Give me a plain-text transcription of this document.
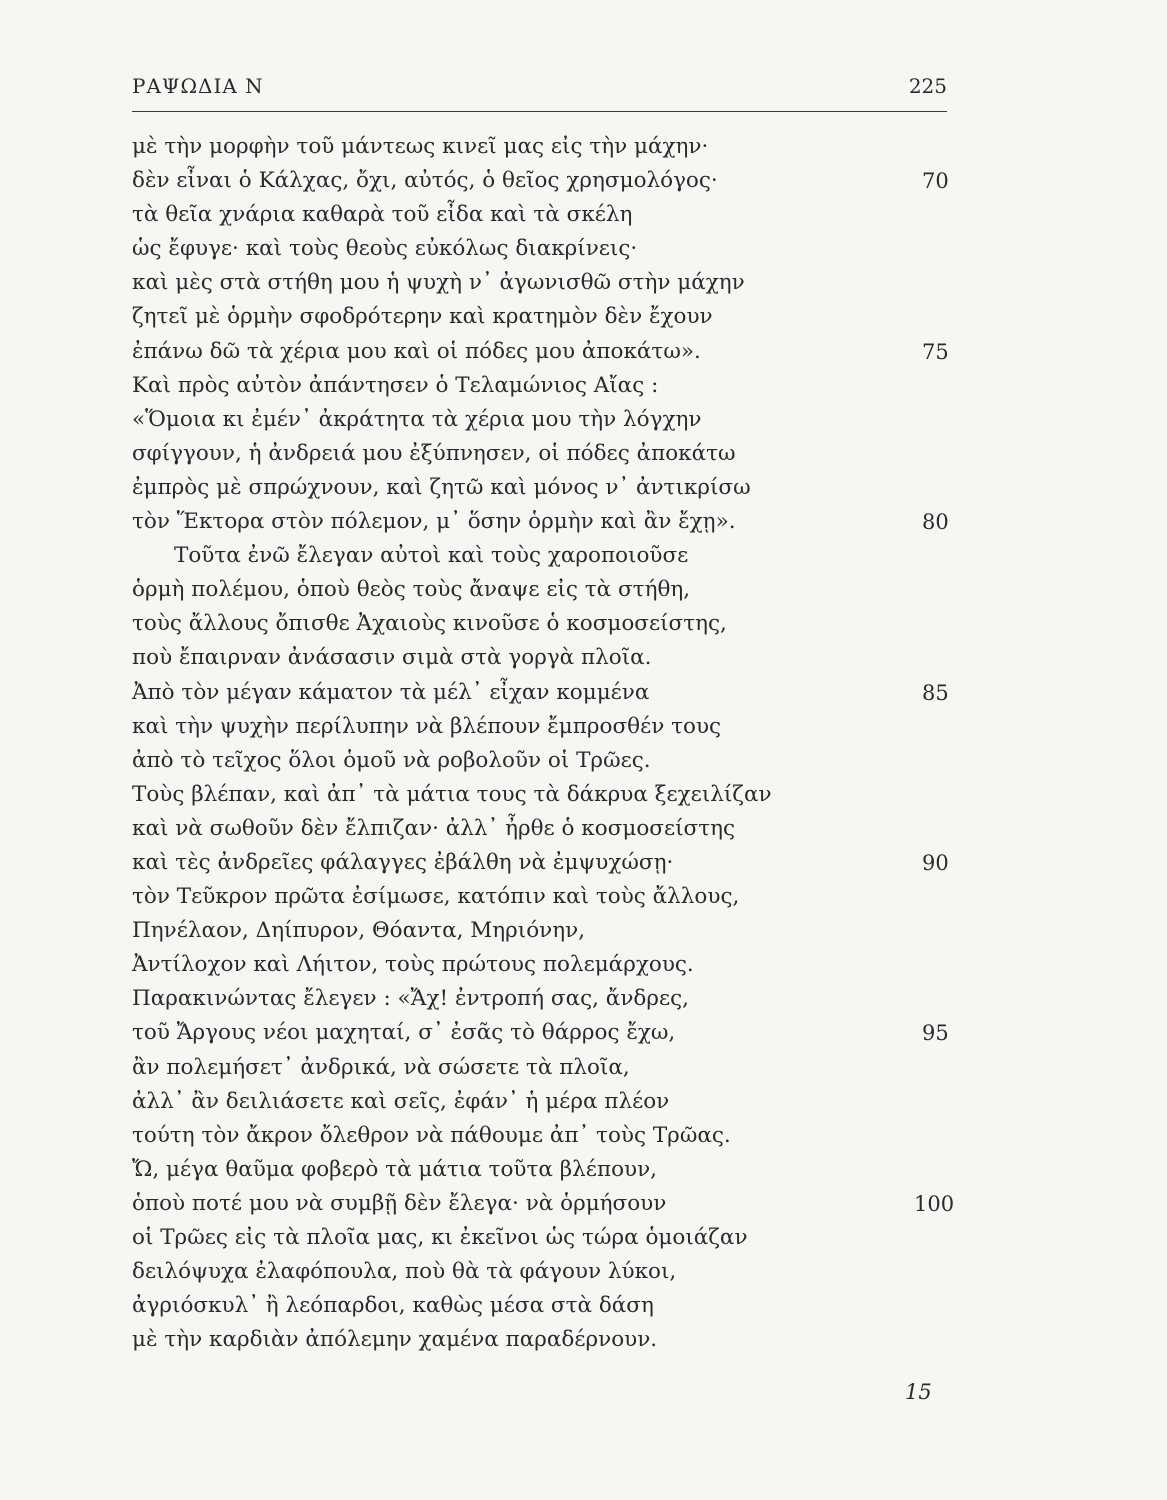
ΡΑΨΩΔΙΑ Ν	225
μὲ τὴν μορφὴν τοῦ μάντεως κινεῖ μας εἰς τὴν μάχην·
δὲν εἶναι ὁ Κάλχας, ὄχι, αὐτός, ὁ θεῖος χρησμολόγος·	70
τὰ θεῖα χνάρια καθαρὰ τοῦ εἶδα καὶ τὰ σκέλη
ὡς ἔφυγε· καὶ τοὺς θεοὺς εὐκόλως διακρίνεις·
καὶ μὲς στὰ στήθη μου ἡ ψυχὴ ν᾽ ἀγωνισθῶ στὴν μάχην
ζητεῖ μὲ ὁρμὴν σφοδρότερην καὶ κρατημὸν δὲν ἔχουν
ἐπάνω δῶ τὰ χέρια μου καὶ οἱ πόδες μου ἀποκάτω».	75
Καὶ πρὸς αὐτὸν ἀπάντησεν ὁ Τελαμώνιος Αἴας :
«Ὅμοια κι ἐμέν᾽ ἀκράτητα τὰ χέρια μου τὴν λόγχην
σφίγγουν, ἡ ἀνδρειά μου ἐξύπνησεν, οἱ πόδες ἀποκάτω
ἐμπρὸς μὲ σπρώχνουν, καὶ ζητῶ καὶ μόνος ν᾽ ἀντικρίσω
τὸν Ἕκτορα στὸν πόλεμον, μ᾽ ὅσην ὁρμὴν καὶ ἂν ἔχῃ».	80
Τοῦτα ἐνῶ ἔλεγαν αὐτοὶ καὶ τοὺς χαροποιοῦσε
ὁρμὴ πολέμου, ὁποὺ θεὸς τοὺς ἄναψε εἰς τὰ στήθη,
τοὺς ἄλλους ὄπισθε Ἀχαιοὺς κινοῦσε ὁ κοσμοσείστης,
ποὺ ἔπαιρναν ἀνάσασιν σιμὰ στὰ γοργὰ πλοῖα.
Ἀπὸ τὸν μέγαν κάματον τὰ μέλ᾽ εἶχαν κομμένα	85
καὶ τὴν ψυχὴν περίλυπην νὰ βλέπουν ἔμπροσθέν τους
ἀπὸ τὸ τεῖχος ὅλοι ὁμοῦ νὰ ροβολοῦν οἱ Τρῶες.
Τοὺς βλέπαν, καὶ ἀπ᾽ τὰ μάτια τους τὰ δάκρυα ξεχειλίζαν
καὶ νὰ σωθοῦν δὲν ἔλπιζαν· ἀλλ᾽ ἦρθε ὁ κοσμοσείστης
καὶ τὲς ἀνδρεῖες φάλαγγες ἐβάλθη νὰ ἐμψυχώσῃ·	90
τὸν Τεῦκρον πρῶτα ἐσίμωσε, κατόπιν καὶ τοὺς ἄλλους,
Πηνέλαον, Δηίπυρον, Θόαντα, Μηριόνην,
Ἀντίλοχον καὶ Λήιτον, τοὺς πρώτους πολεμάρχους.
Παρακινώντας ἔλεγεν : «Ἄχ! ἐντροπή σας, ἄνδρες,
τοῦ Ἄργους νέοι μαχηταί, σ᾽ ἐσᾶς τὸ θάρρος ἔχω,	95
ἂν πολεμήσετ᾽ ἀνδρικά, νὰ σώσετε τὰ πλοῖα,
ἀλλ᾽ ἂν δειλιάσετε καὶ σεῖς, ἐφάν᾽ ἡ μέρα πλέον
τούτη τὸν ἄκρον ὄλεθρον νὰ πάθουμε ἀπ᾽ τοὺς Τρῶας.
Ὤ, μέγα θαῦμα φοβερὸ τὰ μάτια τοῦτα βλέπουν,
ὁποὺ ποτέ μου νὰ συμβῇ δὲν ἔλεγα· νὰ ὁρμήσουν	100
οἱ Τρῶες εἰς τὰ πλοῖα μας, κι ἐκεῖνοι ὡς τώρα ὁμοιάζαν
δειλόψυχα ἐλαφόπουλα, ποὺ θὰ τὰ φάγουν λύκοι,
ἀγριόσκυλ᾽ ἢ λεόπαρδοι, καθὼς μέσα στὰ δάση
μὲ τὴν καρδιὰν ἀπόλεμην χαμένα παραδέρνουν.
15
